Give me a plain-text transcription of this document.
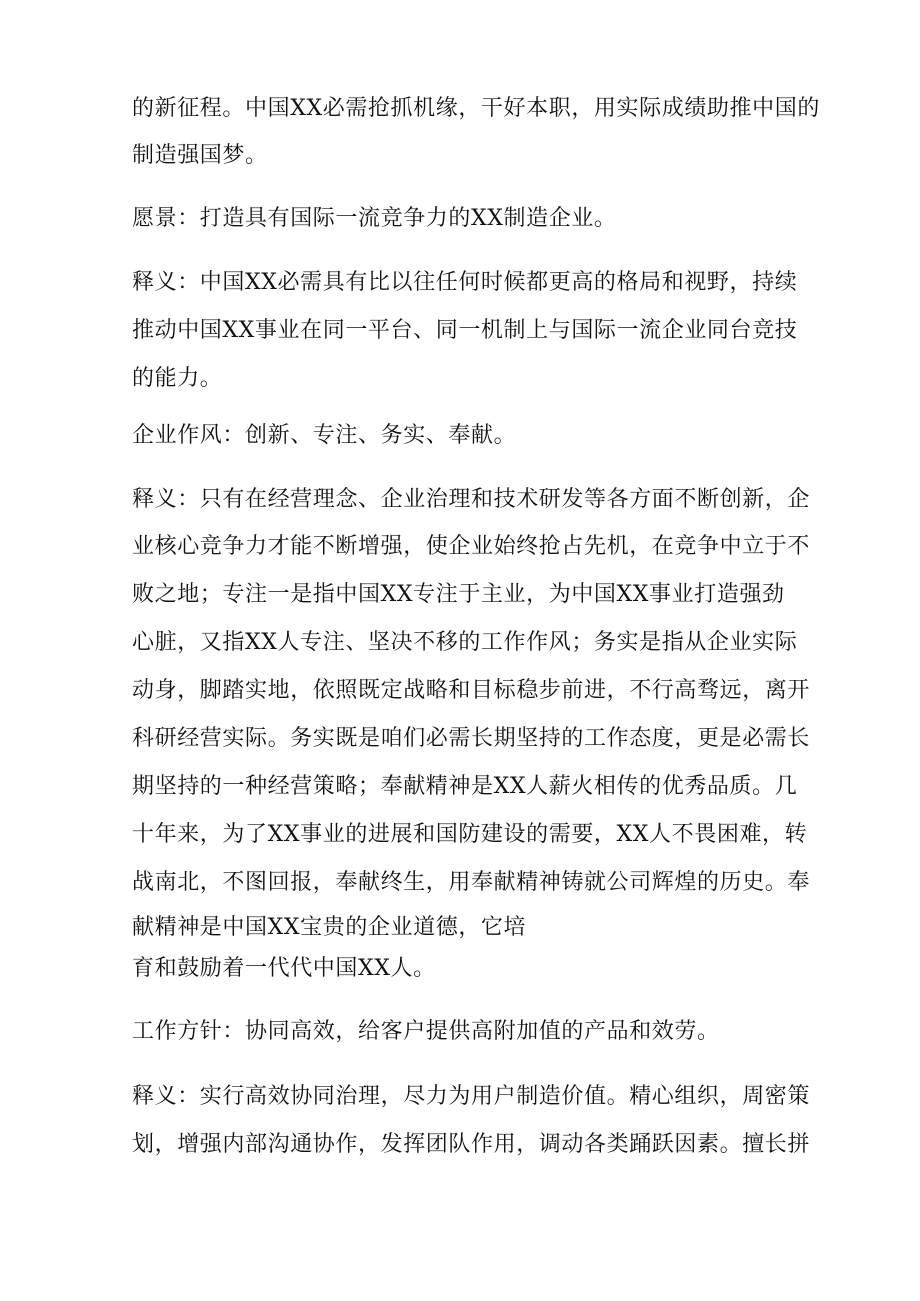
的新征程。中国XX必需抢抓机缘，干好本职，用实际成绩助推中国的
制造强国梦。
愿景：打造具有国际一流竞争力的XX制造企业。
释义：中国XX必需具有比以往任何时候都更高的格局和视野，持续
推动中国XX事业在同一平台、同一机制上与国际一流企业同台竞技
的能力。
企业作风：创新、专注、务实、奉献。
释义：只有在经营理念、企业治理和技术研发等各方面不断创新，企
业核心竞争力才能不断增强，使企业始终抢占先机，在竞争中立于不
败之地；专注一是指中国XX专注于主业，为中国XX事业打造强劲
心脏，又指XX人专注、坚决不移的工作作风；务实是指从企业实际
动身，脚踏实地，依照既定战略和目标稳步前进，不行高骛远，离开
科研经营实际。务实既是咱们必需长期坚持的工作态度，更是必需长
期坚持的一种经营策略；奉献精神是XX人薪火相传的优秀品质。几
十年来，为了XX事业的进展和国防建设的需要，XX人不畏困难，转
战南北，不图回报，奉献终生，用奉献精神铸就公司辉煌的历史。奉
献精神是中国XX宝贵的企业道德，它培
育和鼓励着一代代中国XX人。
工作方针：协同高效，给客户提供高附加值的产品和效劳。
释义：实行高效协同治理，尽力为用户制造价值。精心组织，周密策
划，增强内部沟通协作，发挥团队作用，调动各类踊跃因素。擅长拼
